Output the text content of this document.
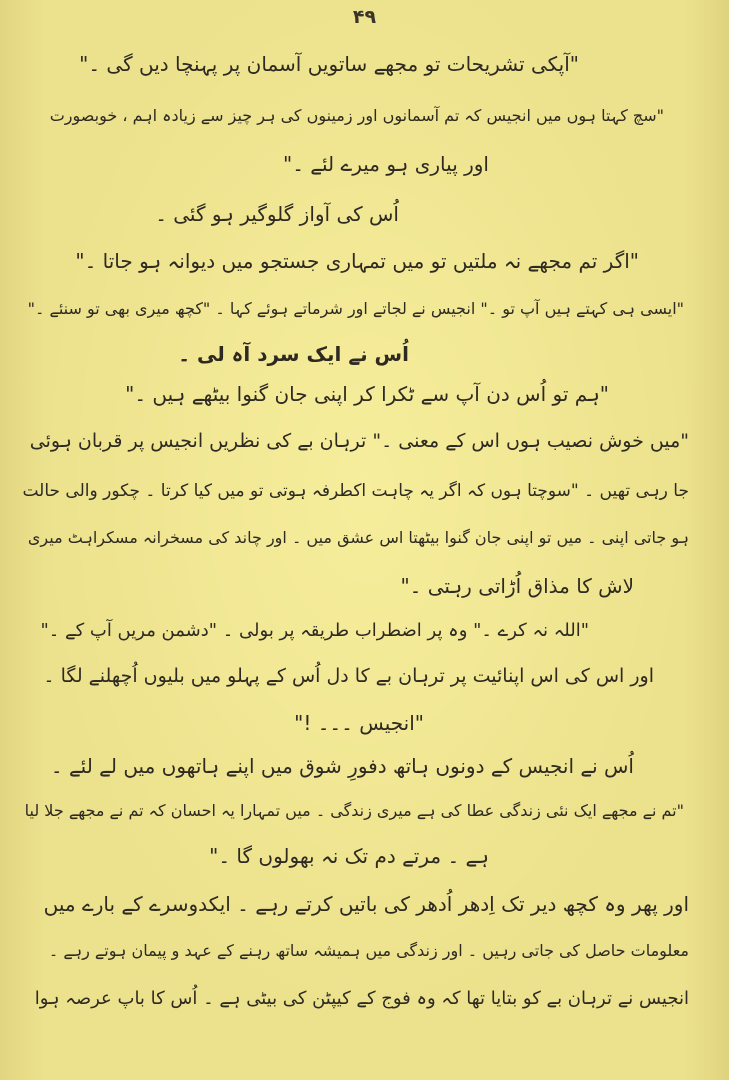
۴۹
"آپکی تشریحات تو مجھے ساتویں آسمان پر پہنچا دیں گی ۔"
"سچ کہتا ہوں میں انجیس کہ تم آسمانوں اور زمینوں کی ہر چیز سے زیادہ اہم ، خوبصورت
اور پیاری ہو میرے لئے ۔"
اُس کی آواز گلوگیر ہو گئی ۔
"اگر تم مجھے نہ ملتیں تو میں تمہاری جستجو میں دیوانہ ہو جاتا ۔"
"ایسی ہی کہتے ہیں آپ تو ۔" انجیس نے لجاتے اور شرماتے ہوئے کہا ۔ "کچھ میری بھی تو سنئے ۔"
اُس نے ایک سرد آہ لی ۔
"ہم تو اُس دن آپ سے ٹکرا کر اپنی جان گنوا بیٹھے ہیں ۔"
"میں خوش نصیب ہوں اس کے معنی ۔" ترہان بے کی نظریں انجیس پر قربان ہوئی
جا رہی تھیں ۔ "سوچتا ہوں کہ اگر یہ چاہت اکطرفہ ہوتی تو میں کیا کرتا ۔ چکور والی حالت
ہو جاتی اپنی ۔ میں تو اپنی جان گنوا بیٹھتا اس عشق میں ۔ اور چاند کی مسخرانہ مسکراہٹ میری
لاش کا مذاق اُڑاتی رہتی ۔"
"اللہ نہ کرے ۔" وہ پر اضطراب طریقہ پر بولی ۔ "دشمن مریں آپ کے ۔"
اور اس کی اس اپنائیت پر ترہان بے کا دل اُس کے پہلو میں بلیوں اُچھلنے لگا ۔
"انجیس ۔۔۔ !"
اُس نے انجیس کے دونوں ہاتھ دفورِ شوق میں اپنے ہاتھوں میں لے لئے ۔
"تم نے مجھے ایک نئی زندگی عطا کی ہے میری زندگی ۔ میں تمہارا یہ احسان کہ تم نے مجھے جلا لیا
ہے ۔ مرتے دم تک نہ بھولوں گا ۔"
اور پھر وہ کچھ دیر تک اِدھر اُدھر کی باتیں کرتے رہے ۔ ایکدوسرے کے بارے میں
معلومات حاصل کی جاتی رہیں ۔ اور زندگی میں ہمیشہ ساتھ رہنے کے عہد و پیمان ہوتے رہے ۔
انجیس نے ترہان بے کو بتایا تھا کہ وہ فوج کے کیپٹن کی بیٹی ہے ۔ اُس کا باپ عرصہ ہوا
